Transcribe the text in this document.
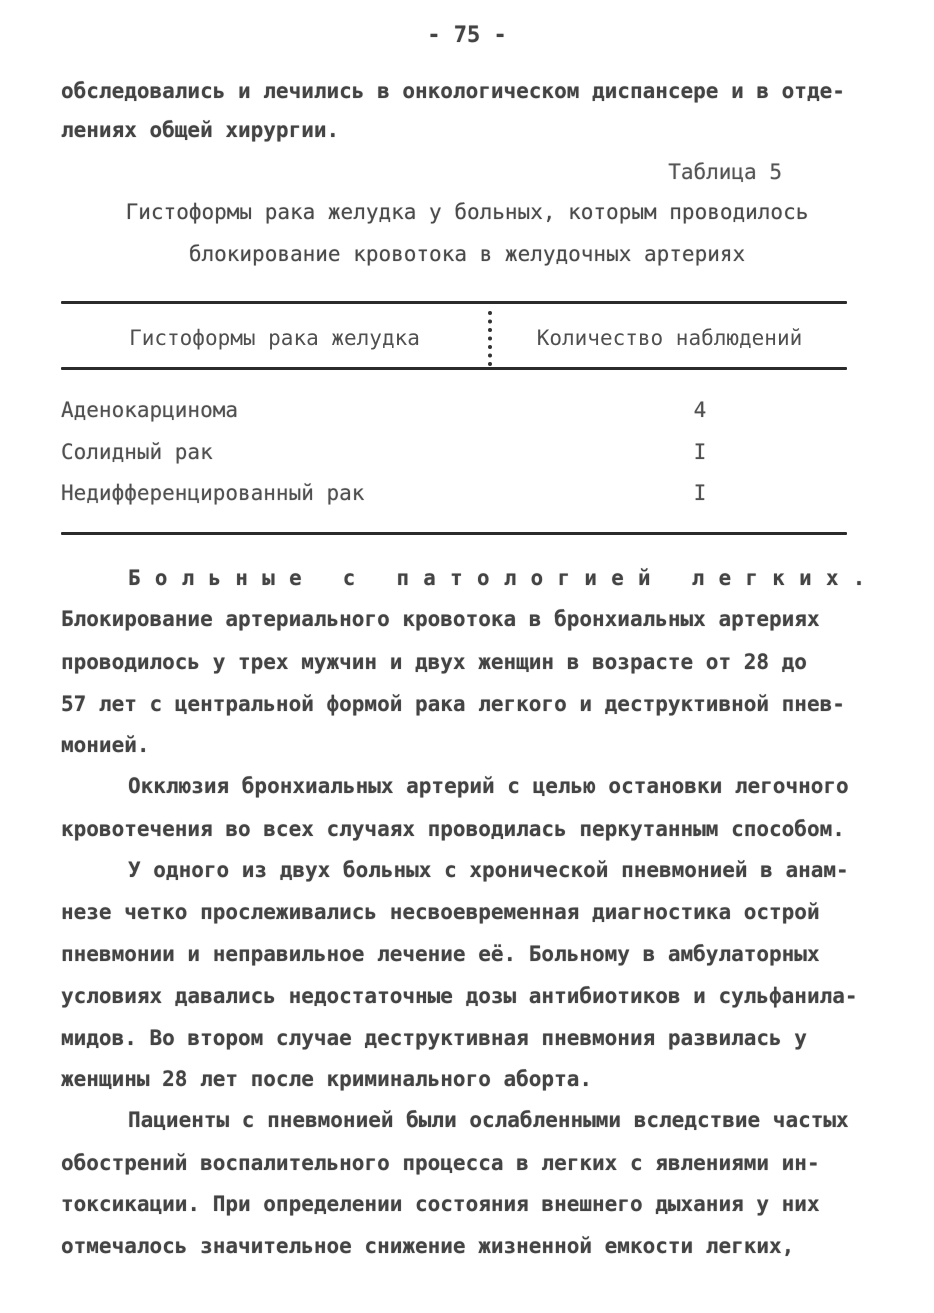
- 75 -
обследовались и лечились в онкологическом диспансере и в отде-
лениях общей хирургии.
Таблица 5
Гистоформы рака желудка у больных, которым проводилось
блокирование кровотока в желудочных артериях
Гистоформы рака желудка	Количество наблюдений
Аденокарцинома	4
Солидный рак	I
Недифференцированный рак	I
Больные с патологией легких.
Блокирование артериального кровотока в бронхиальных артериях
проводилось у трех мужчин и двух женщин в возрасте от 28 до
57 лет с центральной формой рака легкого и деструктивной пнев-
монией.
Окклюзия бронхиальных артерий с целью остановки легочного
кровотечения во всех случаях проводилась перкутанным способом.
У одного из двух больных с хронической пневмонией в анам-
незе четко прослеживались несвоевременная диагностика острой
пневмонии и неправильное лечение её. Больному в амбулаторных
условиях давались недостаточные дозы антибиотиков и сульфанила-
мидов. Во втором случае деструктивная пневмония развилась у
женщины 28 лет после криминального аборта.
Пациенты с пневмонией были ослабленными вследствие частых
обострений воспалительного процесса в легких с явлениями ин-
токсикации. При определении состояния внешнего дыхания у них
отмечалось значительное снижение жизненной емкости легких,
